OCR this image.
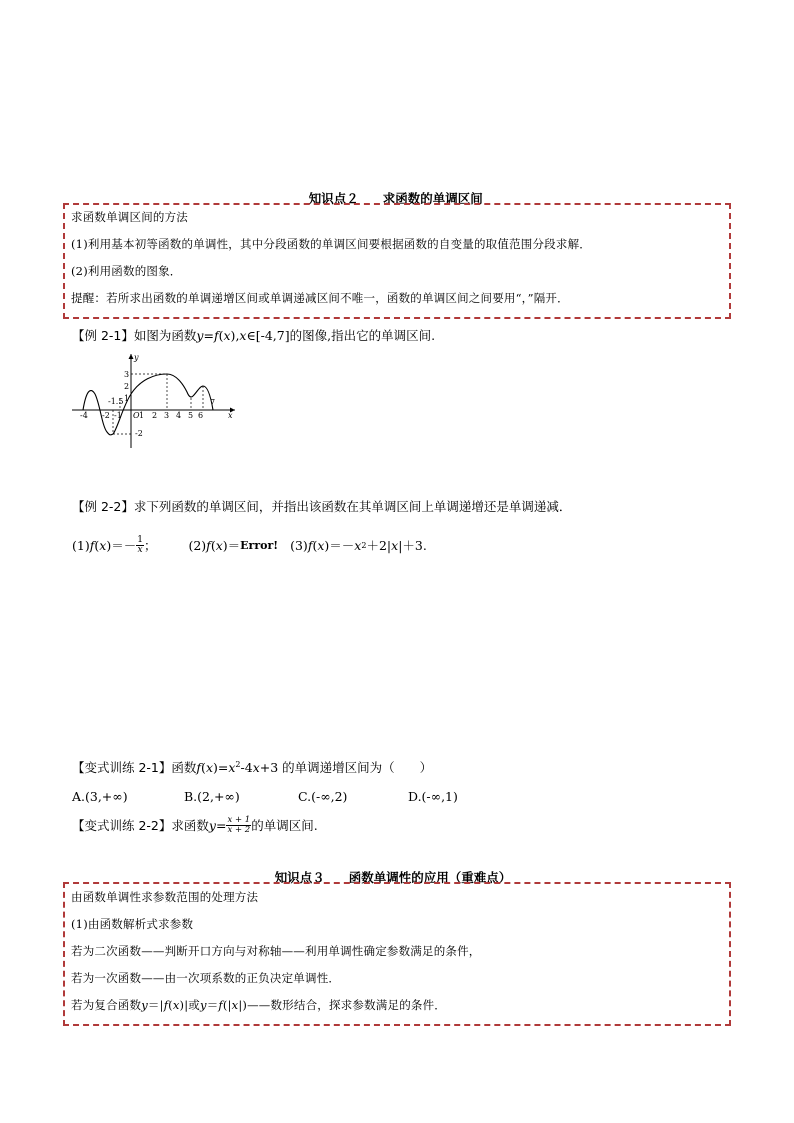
知识点２ 求函数的单调区间

求函数单调区间的方法
(1)利用基本初等函数的单调性，其中分段函数的单调区间要根据函数的自变量的取值范围分段求解．
(2)利用函数的图象．
提醒：若所求出函数的单调递增区间或单调递减区间不唯一，函数的单调区间之间要用“，”隔开．
【例 2-1】如图为函数y=f(x),x∈[-4,7]的图像,指出它的单调区间.
x
y
-4 -2 -1 1 2 3 4 5 6
7
-1.5
O
3
2
1
-2
【例 2-2】求下列函数的单调区间，并指出该函数在其单调区间上单调递增还是单调递减．
(1) f ( x )＝－ $\frac{1}{x}$ ；	(2) f ( x )＝ Error! (3) f ( x )＝－ x 2 ＋2| x |＋3.
【变式训练 2-1】函数$f(x)=x^2-4x+3$ 的单调递增区间为（　　）
A.(3,+∞)	B.(2,+∞)	C.(-∞,2)	D.(-∞,1)
【变式训练 2-2】 求函数 $y = \frac{x + 1}{x + 2}$ 的单调区间.

知识点３ 函数单调性的应用（重难点）

由函数单调性求参数范围的处理方法
(1)由函数解析式求参数
若为二次函数——判断开口方向与对称轴——利用单调性确定参数满足的条件，
若为一次函数——由一次项系数的正负决定单调性．
若为复合函数y＝|f(x)|或y＝f(|x|)——数形结合，探求参数满足的条件．
